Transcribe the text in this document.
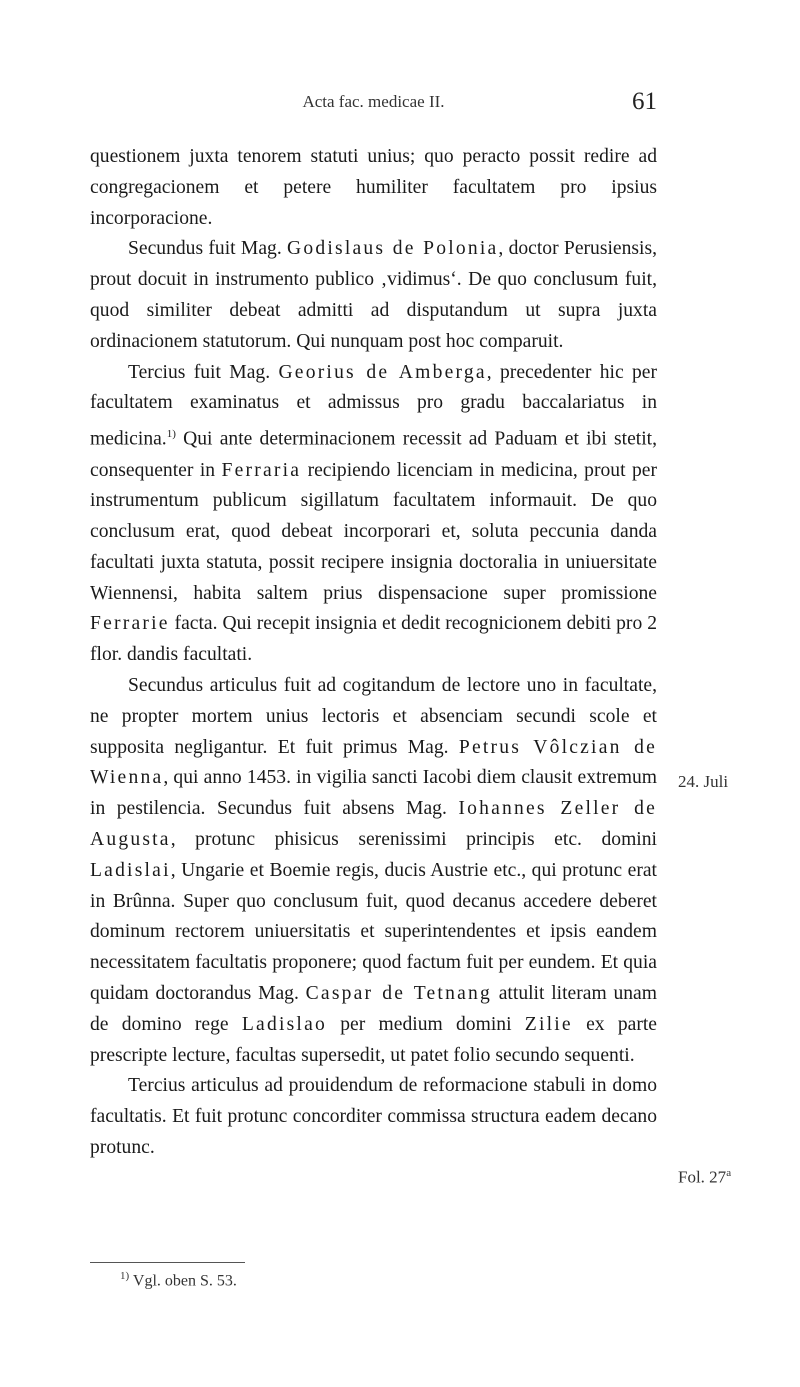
Acta fac. medicae II.	61

questionem juxta tenorem statuti unius; quo peracto possit redire ad congregacionem et petere humiliter facultatem pro ipsius incorporacione.

Secundus fuit Mag. Godislaus de Polonia, doctor Perusiensis, prout docuit in instrumento publico ‚vidimus‘. De quo conclusum fuit, quod similiter debeat admitti ad disputandum ut supra juxta ordinacionem statutorum. Qui nunquam post hoc comparuit.

Tercius fuit Mag. Georius de Amberga, precedenter hic per facultatem examinatus et admissus pro gradu baccalariatus in medicina.$^{1)}$ Qui ante determinacionem recessit ad Paduam et ibi stetit, consequenter in Ferraria recipiendo licenciam in medicina, prout per instrumentum publicum sigillatum facultatem informauit. De quo conclusum erat, quod debeat incorporari et, soluta peccunia danda facultati juxta statuta, possit recipere insignia doctoralia in uniuersitate Wiennensi, habita saltem prius dispensacione super promissione Ferrarie facta. Qui recepit insignia et dedit recognicionem debiti pro 2 flor. dandis facultati.

Secundus articulus fuit ad cogitandum de lectore uno in facultate, ne propter mortem unius lectoris et absenciam secundi scole et supposita negligantur. Et fuit primus Mag. Petrus Vôlczian de Wienna, qui anno 1453. in vigilia sancti Iacobi diem clausit extremum in pestilencia. Secundus fuit absens Mag. Iohannes Zeller de Augusta, protunc phisicus serenissimi principis etc. domini Ladislai, Ungarie et Boemie regis, ducis Austrie etc., qui protunc erat in Brûnna. Super quo conclusum fuit, quod decanus accedere deberet dominum rectorem uniuersitatis et superintendentes et ipsis eandem necessitatem facultatis proponere; quod factum fuit per eundem. Et quia quidam doctorandus Mag. Caspar de Tetnang attulit literam unam de domino rege Ladislao per medium domini Zilie ex parte prescripte lecture, facultas supersedit, ut patet folio secundo sequenti.

Tercius articulus ad prouidendum de reformacione stabuli in domo facultatis. Et fuit protunc concorditer commissa structura eadem decano protunc.

24. Juli
Fol. 27$^a$
$^{1)}$ Vgl. oben S. 53.
